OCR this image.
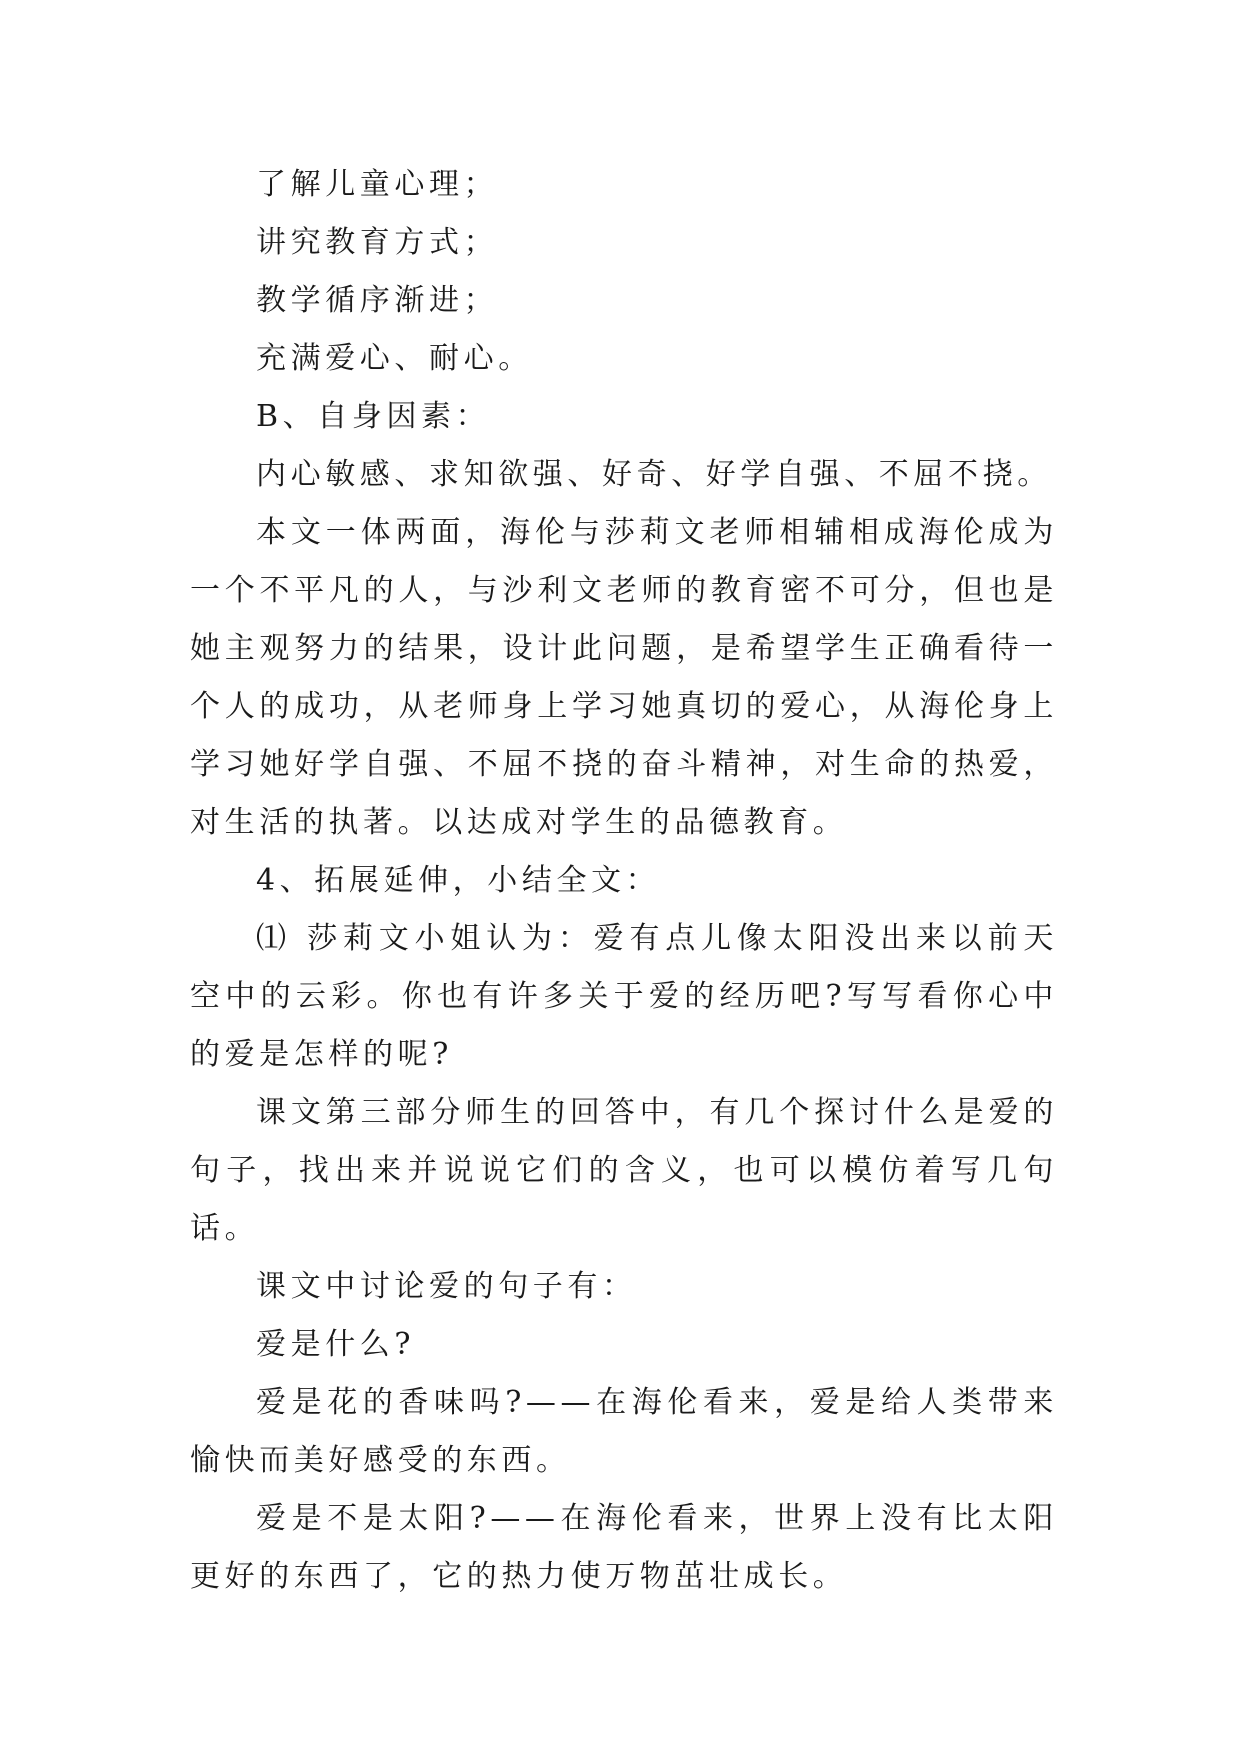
了解儿童心理；

讲究教育方式；

教学循序渐进；

充满爱心、耐心。

B、自身因素：

内心敏感、求知欲强、好奇、好学自强、不屈不挠。

本文一体两面，海伦与莎莉文老师相辅相成海伦成为一个不平凡的人，与沙利文老师的教育密不可分，但也是她主观努力的结果，设计此问题，是希望学生正确看待一个人的成功，从老师身上学习她真切的爱心，从海伦身上学习她好学自强、不屈不挠的奋斗精神，对生命的热爱，对生活的执著。以达成对学生的品德教育。

4、拓展延伸，小结全文：

⑴ 莎莉文小姐认为：爱有点儿像太阳没出来以前天空中的云彩。你也有许多关于爱的经历吧?写写看你心中的爱是怎样的呢?

课文第三部分师生的回答中，有几个探讨什么是爱的句子，找出来并说说它们的含义，也可以模仿着写几句话。

课文中讨论爱的句子有：

爱是什么?

爱是花的香味吗?——在海伦看来，爱是给人类带来愉快而美好感受的东西。

爱是不是太阳?——在海伦看来，世界上没有比太阳更好的东西了，它的热力使万物茁壮成长。
